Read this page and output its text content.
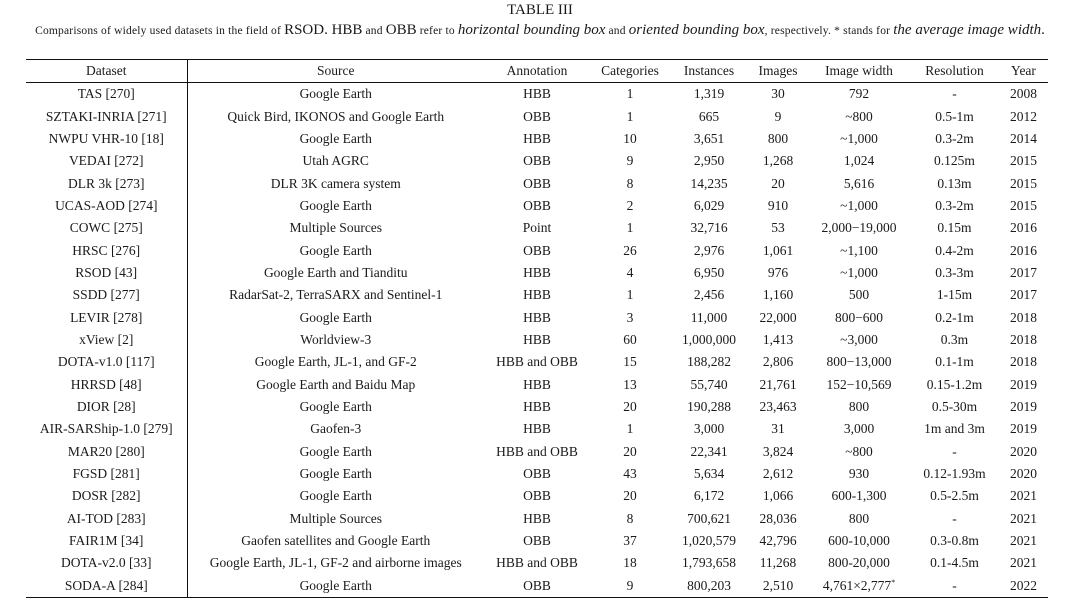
TABLE III
Comparisons of widely used datasets in the field of RSOD. HBB and OBB refer to horizontal bounding box and oriented bounding box, respectively. * stands for the average image width.
Dataset	Source	Annotation	Categories	Instances	Images	Image width	Resolution	Year
TAS [270]	Google Earth	HBB	1	1,319	30	792	-	2008
SZTAKI-INRIA [271]	Quick Bird, IKONOS and Google Earth	OBB	1	665	9	~800	0.5-1m	2012
NWPU VHR-10 [18]	Google Earth	HBB	10	3,651	800	~1,000	0.3-2m	2014
VEDAI [272]	Utah AGRC	OBB	9	2,950	1,268	1,024	0.125m	2015
DLR 3k [273]	DLR 3K camera system	OBB	8	14,235	20	5,616	0.13m	2015
UCAS-AOD [274]	Google Earth	OBB	2	6,029	910	~1,000	0.3-2m	2015
COWC [275]	Multiple Sources	Point	1	32,716	53	2,000−19,000	0.15m	2016
HRSC [276]	Google Earth	OBB	26	2,976	1,061	~1,100	0.4-2m	2016
RSOD [43]	Google Earth and Tianditu	HBB	4	6,950	976	~1,000	0.3-3m	2017
SSDD [277]	RadarSat-2, TerraSARX and Sentinel-1	HBB	1	2,456	1,160	500	1-15m	2017
LEVIR [278]	Google Earth	HBB	3	11,000	22,000	800−600	0.2-1m	2018
xView [2]	Worldview-3	HBB	60	1,000,000	1,413	~3,000	0.3m	2018
DOTA-v1.0 [117]	Google Earth, JL-1, and GF-2	HBB and OBB	15	188,282	2,806	800−13,000	0.1-1m	2018
HRRSD [48]	Google Earth and Baidu Map	HBB	13	55,740	21,761	152−10,569	0.15-1.2m	2019
DIOR [28]	Google Earth	HBB	20	190,288	23,463	800	0.5-30m	2019
AIR-SARShip-1.0 [279]	Gaofen-3	HBB	1	3,000	31	3,000	1m and 3m	2019
MAR20 [280]	Google Earth	HBB and OBB	20	22,341	3,824	~800	-	2020
FGSD [281]	Google Earth	OBB	43	5,634	2,612	930	0.12-1.93m	2020
DOSR [282]	Google Earth	OBB	20	6,172	1,066	600-1,300	0.5-2.5m	2021
AI-TOD [283]	Multiple Sources	HBB	8	700,621	28,036	800	-	2021
FAIR1M [34]	Gaofen satellites and Google Earth	OBB	37	1,020,579	42,796	600-10,000	0.3-0.8m	2021
DOTA-v2.0 [33]	Google Earth, JL-1, GF-2 and airborne images	HBB and OBB	18	1,793,658	11,268	800-20,000	0.1-4.5m	2021
SODA-A [284]	Google Earth	OBB	9	800,203	2,510	4,761×2,777*	-	2022
